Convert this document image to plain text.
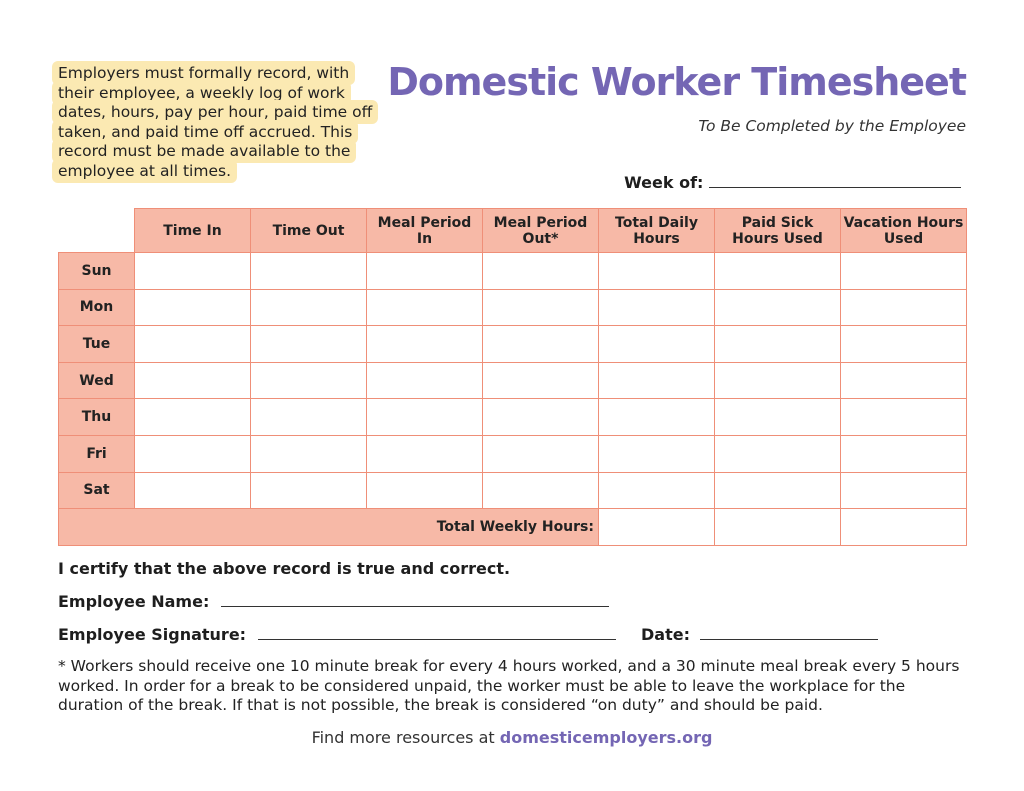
Employers must formally record, with their employee, a weekly log of work dates, hours, pay per hour, paid time off taken, and paid time off accrued. This record must be made available to the employee at all times.
Domestic Worker Timesheet
To Be Completed by the Employee
Week of:
	Time In	Time Out	Meal Period In	Meal Period Out*	Total Daily Hours	Paid Sick Hours Used	Vacation Hours Used
Sun							
Mon							
Tue							
Wed							
Thu							
Fri							
Sat							
Total Weekly Hours:							
I certify that the above record is true and correct.
Employee Name:
Employee Signature:	Date:

* Workers should receive one 10 minute break for every 4 hours worked, and a 30 minute meal break every 5 hours worked. In order for a break to be considered unpaid, the worker must be able to leave the workplace for the duration of the break. If that is not possible, the break is considered “on duty” and should be paid.

Find more resources at domesticemployers.org
